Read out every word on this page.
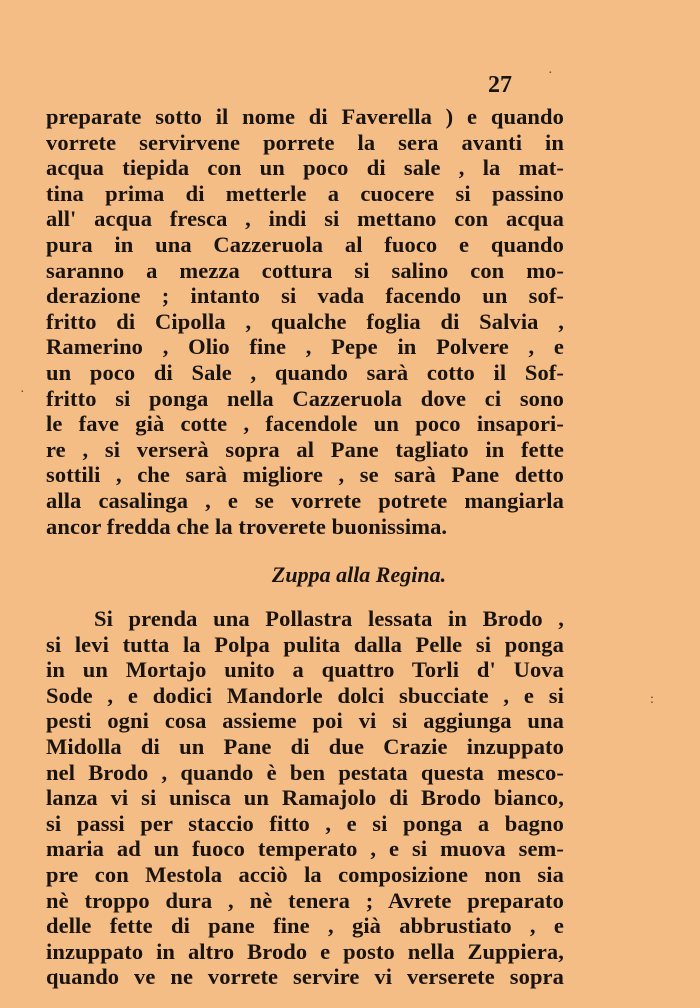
27
·
:
·
preparate sotto il nome di Faverella ) e quando
vorrete servirvene porrete la sera avanti in
acqua tiepida con un poco di sale , la mat-
tina prima di metterle a cuocere si passino
all' acqua fresca , indi si mettano con acqua
pura in una Cazzeruola al fuoco e quando
saranno a mezza cottura si salino con mo-
derazione ; intanto si vada facendo un sof-
fritto di Cipolla , qualche foglia di Salvia ,
Ramerino , Olio fine , Pepe in Polvere , e
un poco di Sale , quando sarà cotto il Sof-
fritto si ponga nella Cazzeruola dove ci sono
le fave già cotte , facendole un poco insapori-
re , si verserà sopra al Pane tagliato in fette
sottili , che sarà migliore , se sarà Pane detto
alla casalinga , e se vorrete potrete mangiarla
ancor fredda che la troverete buonissima.
Zuppa alla Regina.
Si prenda una Pollastra lessata in Brodo ,
si levi tutta la Polpa pulita dalla Pelle si ponga
in un Mortajo unito a quattro Torli d' Uova
Sode , e dodici Mandorle dolci sbucciate , e si
pesti ogni cosa assieme poi vi si aggiunga una
Midolla di un Pane di due Crazie inzuppato
nel Brodo , quando è ben pestata questa mesco-
lanza vi si unisca un Ramajolo di Brodo bianco,
si passi per staccio fitto , e si ponga a bagno
maria ad un fuoco temperato , e si muova sem-
pre con Mestola acciò la composizione non sia
nè troppo dura , nè tenera ; Avrete preparato
delle fette di pane fine , già abbrustiato , e
inzuppato in altro Brodo e posto nella Zuppiera,
quando ve ne vorrete servire vi verserete sopra
